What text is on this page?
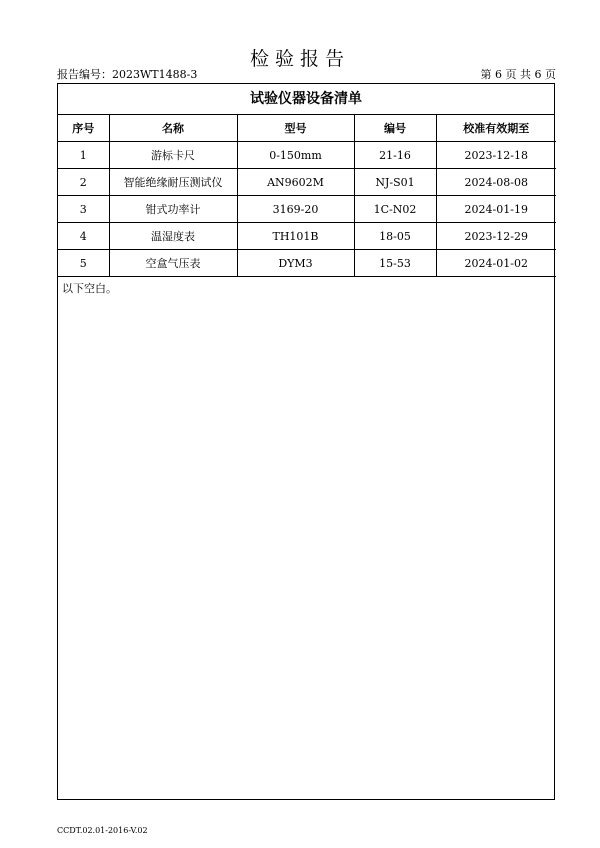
检验报告
报告编号：2023WT1488-3	第 6 页 共 6 页
试验仪器设备清单
序号	名称	型号	编号	校准有效期至
1	游标卡尺	0-150mm	21-16	2023-12-18
2	智能绝缘耐压测试仪	AN9602M	NJ-S01	2024-08-08
3	钳式功率计	3169-20	1C-N02	2024-01-19
4	温湿度表	TH101B	18-05	2023-12-29
5	空盒气压表	DYM3	15-53	2024-01-02
以下空白。
CCDT.02.01-2016-V.02
